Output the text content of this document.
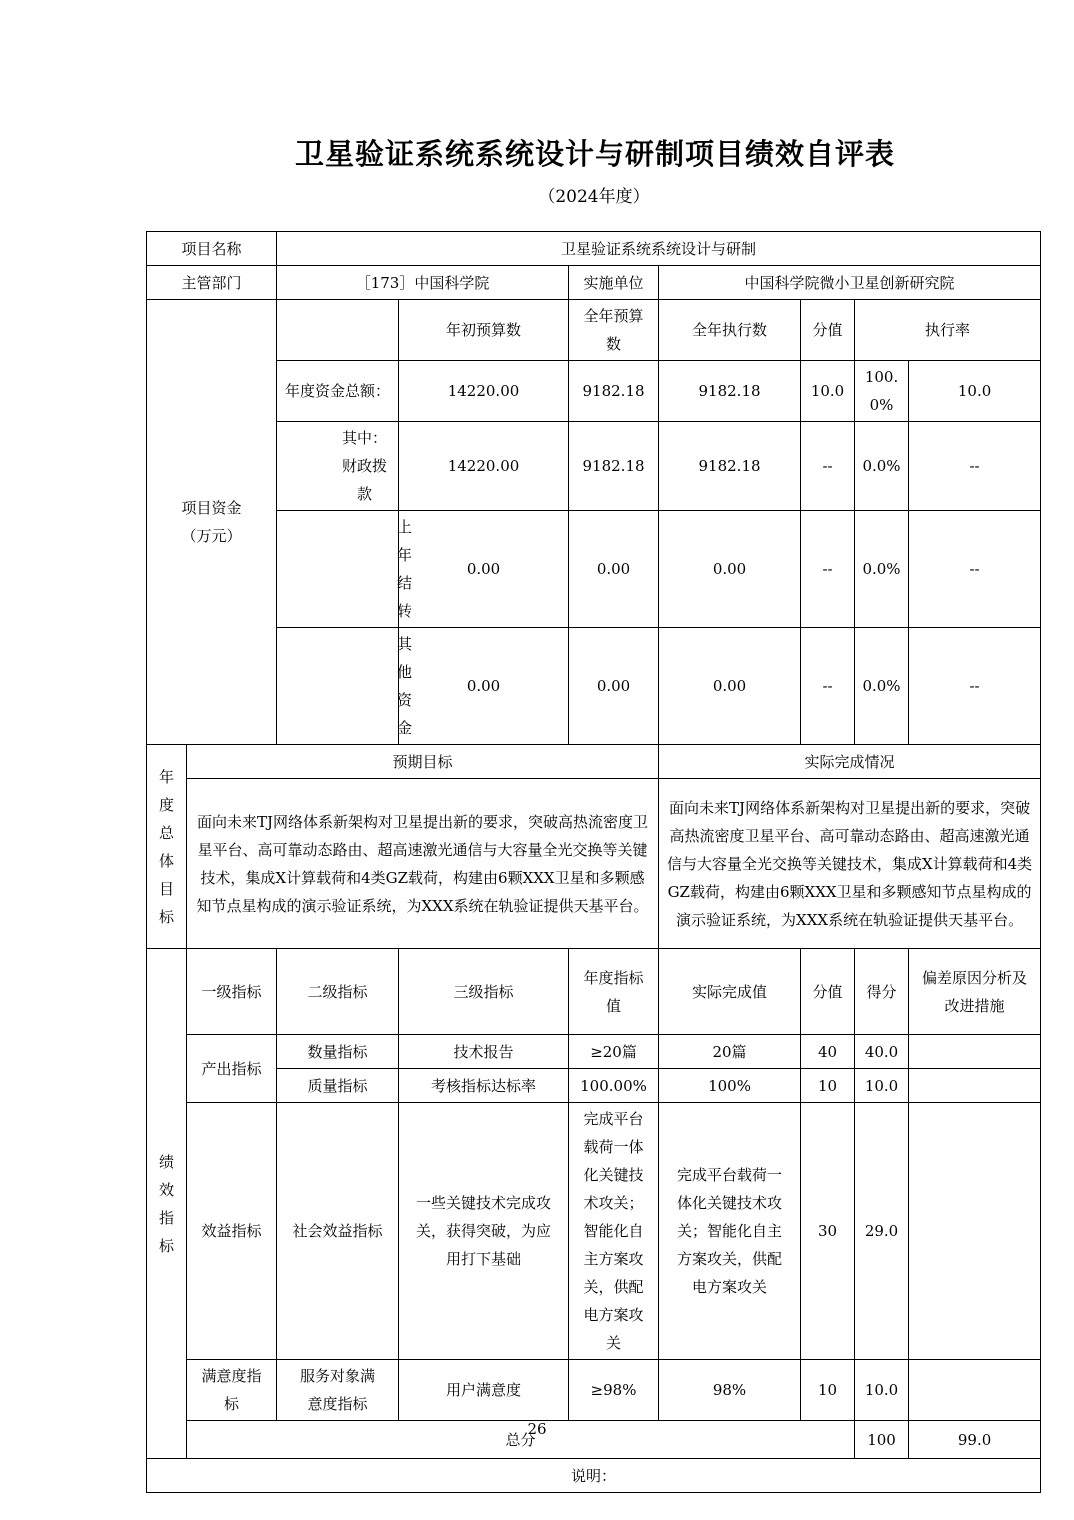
卫星验证系统系统设计与研制项目绩效自评表
（2024年度）
项目名称		卫星验证系统系统设计与研制							
主管部门		［173］中国科学院		实施单位	中国科学院微小卫星创新研究院				
项目资金（万元）			年初预算数	全年预算数	全年执行数	分值	执行率		
		年度资金总额：	14220.00	9182.18	9182.18	10.0	100.0%	10.0	
		其中：财政拨款	14220.00	9182.18	9182.18	--	0.0%	--	
		上年结转	0.00	0.00	0.00	--	0.0%	--	
		其他资金	0.00	0.00	0.00	--	0.0%	--	
年度总体目标	预期目标				实际完成情况				
	面向未来TJ网络体系新架构对卫星提出新的要求，突破高热流密度卫星平台、高可靠动态路由、超高速激光通信与大容量全光交换等关键技术，集成X计算载荷和4类GZ载荷，构建由6颗XXX卫星和多颗感知节点星构成的演示验证系统，为XXX系统在轨验证提供天基平台。				面向未来TJ网络体系新架构对卫星提出新的要求，突破高热流密度卫星平台、高可靠动态路由、超高速激光通信与大容量全光交换等关键技术，集成X计算载荷和4类GZ载荷，构建由6颗XXX卫星和多颗感知节点星构成的演示验证系统，为XXX系统在轨验证提供天基平台。				
绩效指标	一级指标	二级指标	三级指标	年度指标值	实际完成值	分值	得分	偏差原因分析及改进措施	
	产出指标	数量指标	技术报告	≥20篇	20篇	40	40.0		
		质量指标	考核指标达标率	100.00%	100%	10	10.0		
	效益指标	社会效益指标	一些关键技术完成攻关，获得突破，为应用打下基础	完成平台载荷一体化关键技术攻关；智能化自主方案攻关，供配电方案攻关	完成平台载荷一体化关键技术攻关；智能化自主方案攻关，供配电方案攻关	30	29.0		
	满意度指标	服务对象满意度指标	用户满意度	≥98%	98%	10	10.0		
	总分						100	99.0	
说明：									
26
